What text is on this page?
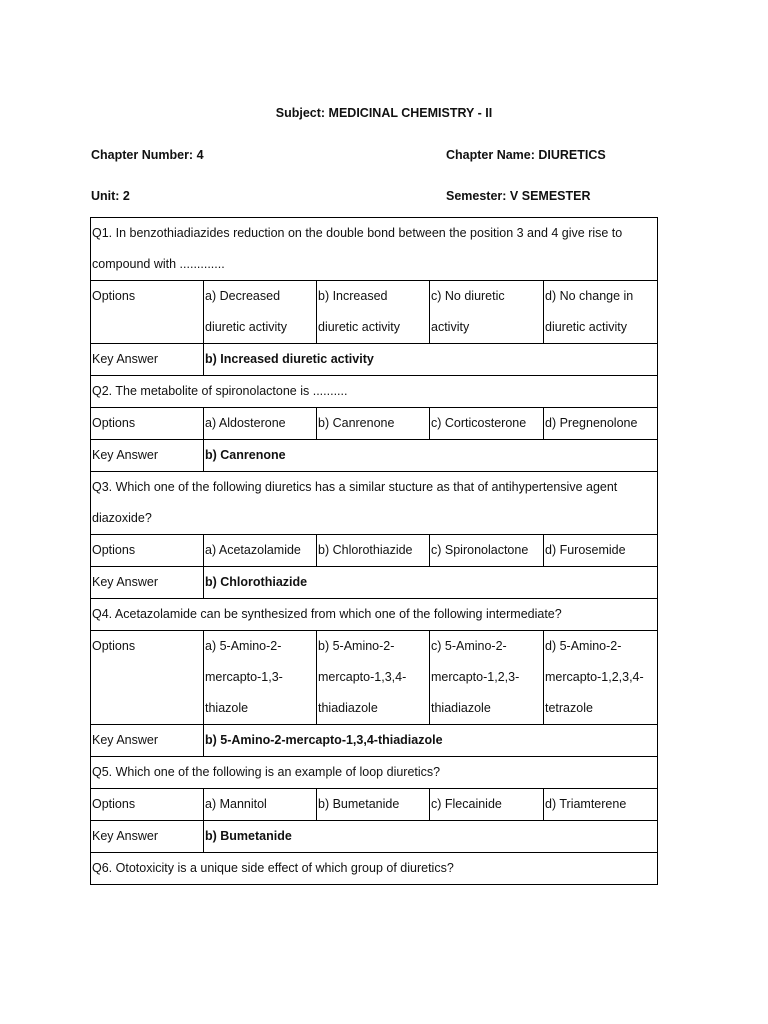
Subject: MEDICINAL CHEMISTRY - II
Chapter Number: 4	Chapter Name: DIURETICS
Unit: 2	Semester: V SEMESTER
Q1. In benzothiadiazides reduction on the double bond between the position 3 and 4 give rise to compound with .............				
Options	a) Decreased diuretic activity	b) Increased diuretic activity	c) No diuretic activity	d) No change in diuretic activity
Key Answer	b) Increased diuretic activity			
Q2. The metabolite of spironolactone is ..........				
Options	a) Aldosterone	b) Canrenone	c) Corticosterone	d) Pregnenolone
Key Answer	b) Canrenone			
Q3. Which one of the following diuretics has a similar stucture as that of antihypertensive agent diazoxide?				
Options	a) Acetazolamide	b) Chlorothiazide	c) Spironolactone	d) Furosemide
Key Answer	b) Chlorothiazide			
Q4. Acetazolamide can be synthesized from which one of the following intermediate?				
Options	a) 5-Amino-2-mercapto-1,3-thiazole	b) 5-Amino-2-mercapto-1,3,4-thiadiazole	c) 5-Amino-2-mercapto-1,2,3-thiadiazole	d) 5-Amino-2-mercapto-1,2,3,4-tetrazole
Key Answer	b) 5-Amino-2-mercapto-1,3,4-thiadiazole			
Q5. Which one of the following is an example of loop diuretics?				
Options	a) Mannitol	b) Bumetanide	c) Flecainide	d) Triamterene
Key Answer	b) Bumetanide			
Q6. Ototoxicity is a unique side effect of which group of diuretics?				
